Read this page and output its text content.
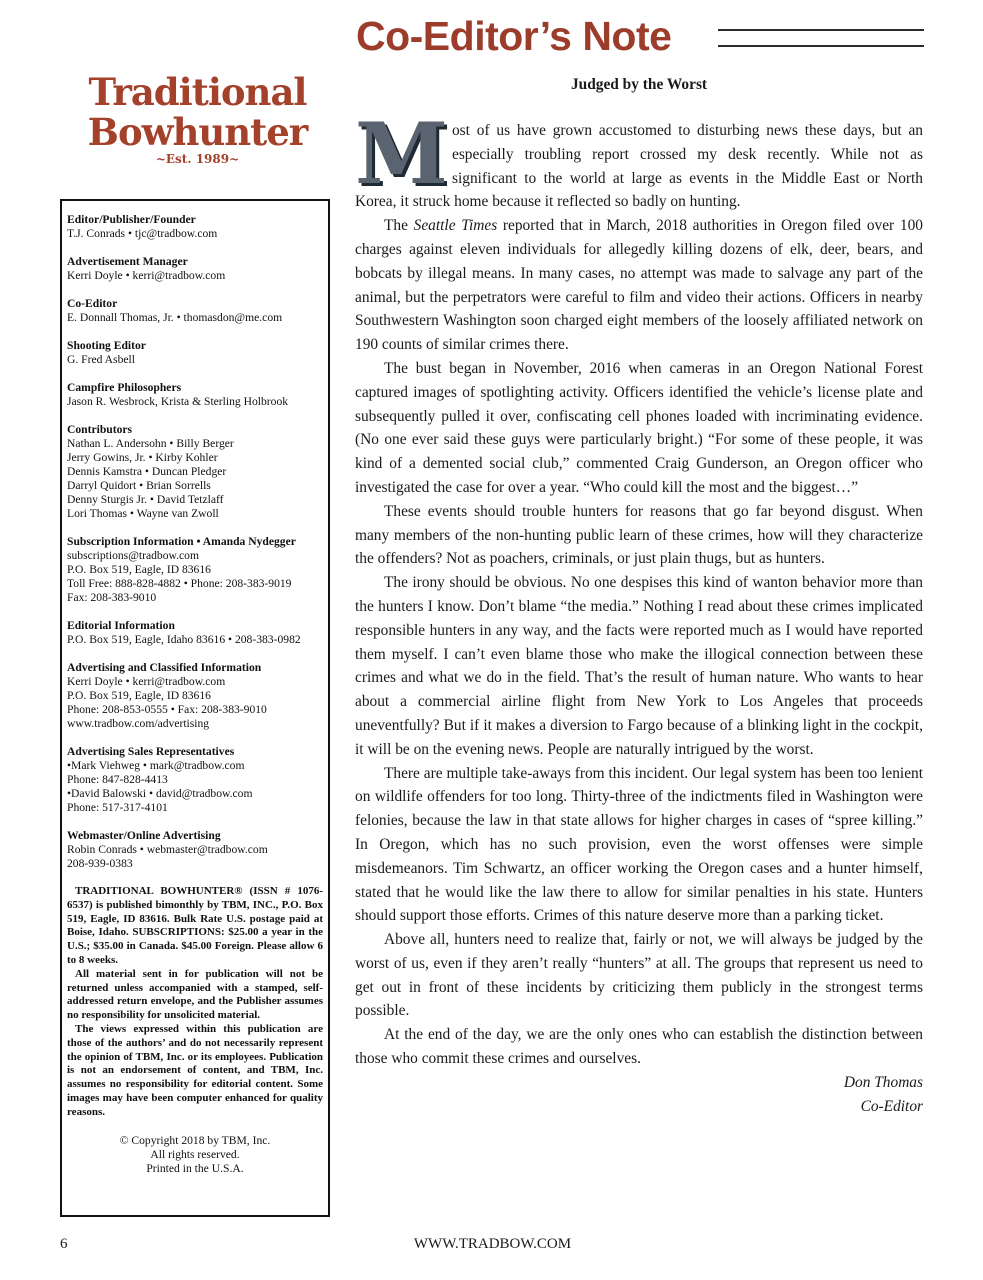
Co-Editor’s Note
Traditional
Bowhunter
~Est. 1989~
Editor/Publisher/Founder
T.J. Conrads • tjc@tradbow.com
Advertisement Manager
Kerri Doyle • kerri@tradbow.com
Co-Editor
E. Donnall Thomas, Jr. • thomasdon@me.com
Shooting Editor
G. Fred Asbell
Campfire Philosophers
Jason R. Wesbrock, Krista & Sterling Holbrook
Contributors
Nathan L. Andersohn • Billy Berger
Jerry Gowins, Jr. • Kirby Kohler
Dennis Kamstra • Duncan Pledger
Darryl Quidort • Brian Sorrells
Denny Sturgis Jr. • David Tetzlaff
Lori Thomas • Wayne van Zwoll
Subscription Information • Amanda Nydegger
subscriptions@tradbow.com
P.O. Box 519, Eagle, ID 83616
Toll Free: 888-828-4882 • Phone: 208-383-9019
Fax: 208-383-9010
Editorial Information
P.O. Box 519, Eagle, Idaho 83616 • 208-383-0982
Advertising and Classified Information
Kerri Doyle • kerri@tradbow.com
P.O. Box 519, Eagle, ID 83616
Phone: 208-853-0555 • Fax: 208-383-9010
www.tradbow.com/advertising
Advertising Sales Representatives
•Mark Viehweg • mark@tradbow.com
Phone: 847-828-4413
•David Balowski • david@tradbow.com
Phone: 517-317-4101
Webmaster/Online Advertising
Robin Conrads • webmaster@tradbow.com
208-939-0383

TRADITIONAL BOWHUNTER® (ISSN # 1076-6537) is published bimonthly by TBM, INC., P.O. Box 519, Eagle, ID 83616. Bulk Rate U.S. postage paid at Boise, Idaho. SUBSCRIPTIONS: $25.00 a year in the U.S.; $35.00 in Canada. $45.00 Foreign. Please allow 6 to 8 weeks.

All material sent in for publication will not be returned unless accompanied with a stamped, self-addressed return envelope, and the Publisher assumes no responsibility for unsolicited material.

The views expressed within this publication are those of the authors’ and do not necessarily represent the opinion of TBM, Inc. or its employees. Publication is not an endorsement of content, and TBM, Inc. assumes no responsibility for editorial content. Some images may have been computer enhanced for quality reasons.

© Copyright 2018 by TBM, Inc.
All rights reserved.
Printed in the U.S.A.
Judged by the Worst

Most of us have grown accustomed to disturbing news these days, but an especially troubling report crossed my desk recently. While not as significant to the world at large as events in the Middle East or North Korea, it struck home because it reflected so badly on hunting.

The Seattle Times reported that in March, 2018 authorities in Oregon filed over 100 charges against eleven individuals for allegedly killing dozens of elk, deer, bears, and bobcats by illegal means. In many cases, no attempt was made to salvage any part of the animal, but the perpetrators were careful to film and video their actions. Officers in nearby Southwestern Washington soon charged eight members of the loosely affiliated network on 190 counts of similar crimes there.

The bust began in November, 2016 when cameras in an Oregon National Forest captured images of spotlighting activity. Officers identified the vehicle’s license plate and subsequently pulled it over, confiscating cell phones loaded with incriminating evidence. (No one ever said these guys were particularly bright.) “For some of these people, it was kind of a demented social club,” commented Craig Gunderson, an Oregon officer who investigated the case for over a year. “Who could kill the most and the biggest…”

These events should trouble hunters for reasons that go far beyond disgust. When many members of the non-hunting public learn of these crimes, how will they characterize the offenders? Not as poachers, criminals, or just plain thugs, but as hunters.

The irony should be obvious. No one despises this kind of wanton behavior more than the hunters I know. Don’t blame “the media.” Nothing I read about these crimes implicated responsible hunters in any way, and the facts were reported much as I would have reported them myself. I can’t even blame those who make the illogical connection between these crimes and what we do in the field. That’s the result of human nature. Who wants to hear about a commercial airline flight from New York to Los Angeles that proceeds uneventfully? But if it makes a diversion to Fargo because of a blinking light in the cockpit, it will be on the evening news. People are naturally intrigued by the worst.

There are multiple take-aways from this incident. Our legal system has been too lenient on wildlife offenders for too long. Thirty-three of the indictments filed in Washington were felonies, because the law in that state allows for higher charges in cases of “spree killing.” In Oregon, which has no such provision, even the worst offenses were simple misdemeanors. Tim Schwartz, an officer working the Oregon cases and a hunter himself, stated that he would like the law there to allow for similar penalties in his state. Hunters should support those efforts. Crimes of this nature deserve more than a parking ticket.

Above all, hunters need to realize that, fairly or not, we will always be judged by the worst of us, even if they aren’t really “hunters” at all. The groups that represent us need to get out in front of these incidents by criticizing them publicly in the strongest terms possible.

At the end of the day, we are the only ones who can establish the distinction between those who commit these crimes and ourselves.

Don Thomas
Co-Editor
6	WWW.TRADBOW.COM
